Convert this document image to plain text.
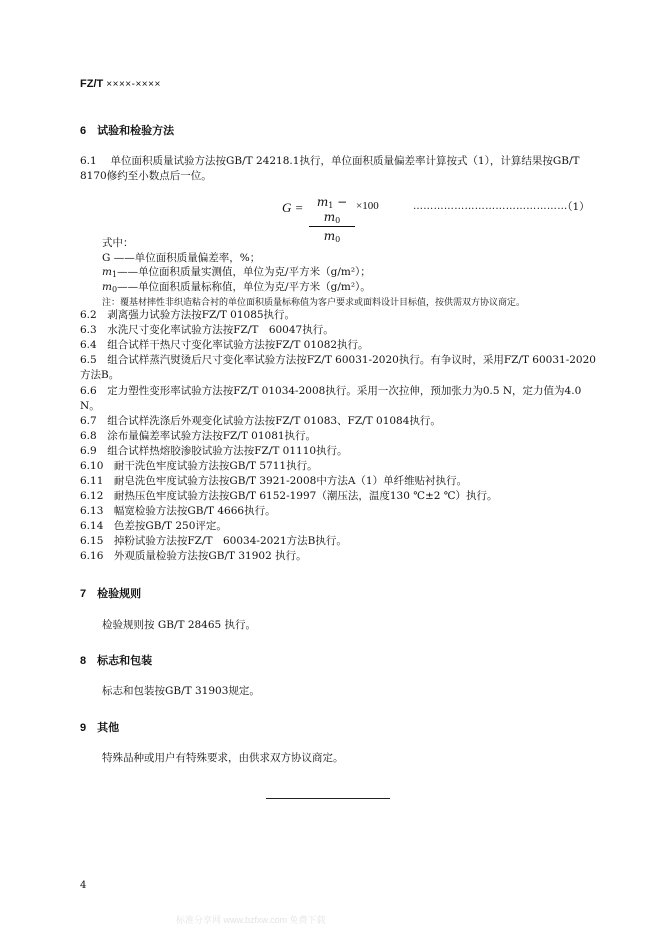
FZ/T ××××-××××
6　试验和检验方法
6.1　 单位面积质量试验方法按GB/T 24218.1执行，单位面积质量偏差率计算按式（1），计算结果按GB/T
8170修约至小数点后一位。
G =	$m_1 - m_0$
$m_0$
×100	………………………………………
（1）
式中：
G ——单位面积质量偏差率，%；
$m_1——$单位面积质量实测值，单位为克/平方米（g/m²）；
$m_0——$单位面积质量标称值，单位为克/平方米（g/m²）。
注：覆基材摔性非织造粘合衬的单位面积质量标称值为客户要求或面料设计目标值，按供需双方协议商定。
6.2　剥离强力试验方法按FZ/T 01085执行。
6.3　水洗尺寸变化率试验方法按FZ/T　60047执行。
6.4　组合试样干热尺寸变化率试验方法按FZ/T 01082执行。
6.5　组合试样蒸汽熨烫后尺寸变化率试验方法按FZ/T 60031-2020执行。有争议时，采用FZ/T 60031-2020
方法B。
6.6　定力塑性变形率试验方法按FZ/T 01034-2008执行。采用一次拉伸，预加张力为0.5 N，定力值为4.0
N。
6.7　组合试样洗涤后外观变化试验方法按FZ/T 01083、FZ/T 01084执行。
6.8　涂布量偏差率试验方法按FZ/T 01081执行。
6.9　组合试样热熔胶渗胶试验方法按FZ/T 01110执行。
6.10　耐干洗色牢度试验方法按GB/T 5711执行。
6.11　耐皂洗色牢度试验方法按GB/T 3921-2008中方法A（1）单纤维贴衬执行。
6.12　耐热压色牢度试验方法按GB/T 6152-1997（潮压法，温度130 ℃±2 ℃）执行。
6.13　幅宽检验方法按GB/T 4666执行。
6.14　色差按GB/T 250评定。
6.15　掉粉试验方法按FZ/T　60034-2021方法B执行。
6.16　外观质量检验方法按GB/T 31902 执行。
7　检验规则
检验规则按 GB/T 28465 执行。
8　标志和包装
标志和包装按GB/T 31903规定。
9　其他
特殊品种或用户有特殊要求，由供求双方协议商定。
4
标准分享网 www.bzfxw.com 免费下载
